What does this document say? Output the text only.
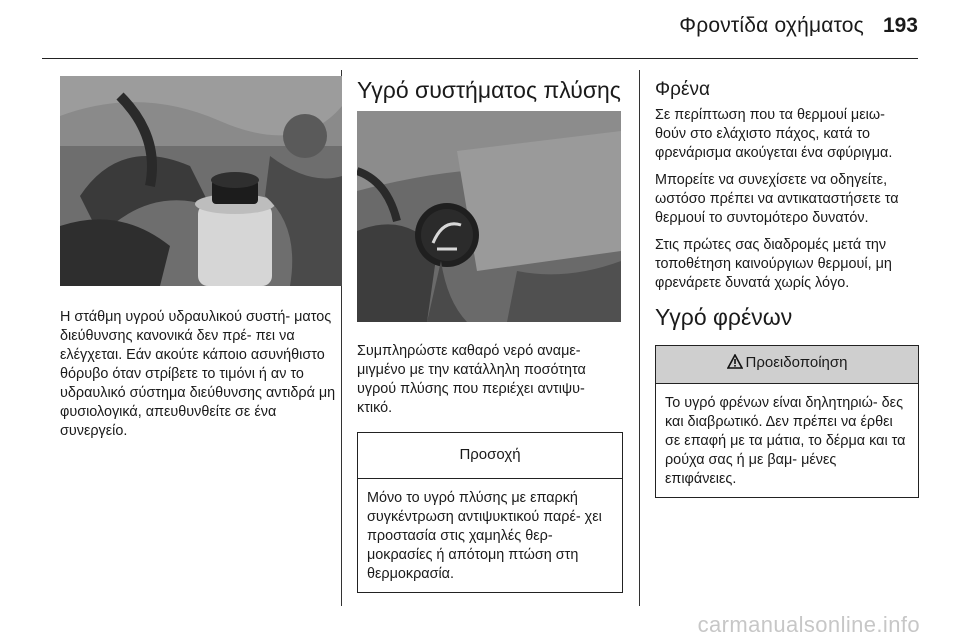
Φροντίδα οχήματος 193

Η στάθμη υγρού υδραυλικού συστή- ματος διεύθυνσης κανονικά δεν πρέ- πει να ελέγχεται. Εάν ακούτε κάποιο ασυνήθιστο θόρυβο όταν στρίβετε το τιμόνι ή αν το υδραυλικό σύστημα διεύθυνσης αντιδρά μη φυσιολογικά, απευθυνθείτε σε ένα συνεργείο.

Υγρό συστήματος πλύσης

Συμπληρώστε καθαρό νερό αναμε- μιγμένο με την κατάλληλη ποσότητα υγρού πλύσης που περιέχει αντιψυ- κτικό.

Προσοχή
Μόνο το υγρό πλύσης με επαρκή συγκέντρωση αντιψυκτικού παρέ- χει προστασία στις χαμηλές θερ- μοκρασίες ή απότομη πτώση στη θερμοκρασία.
Φρένα

Σε περίπτωση που τα θερμουί μειω- θούν στο ελάχιστο πάχος, κατά το φρενάρισμα ακούγεται ένα σφύριγμα.

Μπορείτε να συνεχίσετε να οδηγείτε, ωστόσο πρέπει να αντικαταστήσετε τα θερμουί το συντομότερο δυνατόν.

Στις πρώτες σας διαδρομές μετά την τοποθέτηση καινούργιων θερμουί, μη φρενάρετε δυνατά χωρίς λόγο.

Υγρό φρένων
Προειδοποίηση
Το υγρό φρένων είναι δηλητηριώ- δες και διαβρωτικό. Δεν πρέπει να έρθει σε επαφή με τα μάτια, το δέρμα και τα ρούχα σας ή με βαμ- μένες επιφάνειες.
carmanualsonline.info
